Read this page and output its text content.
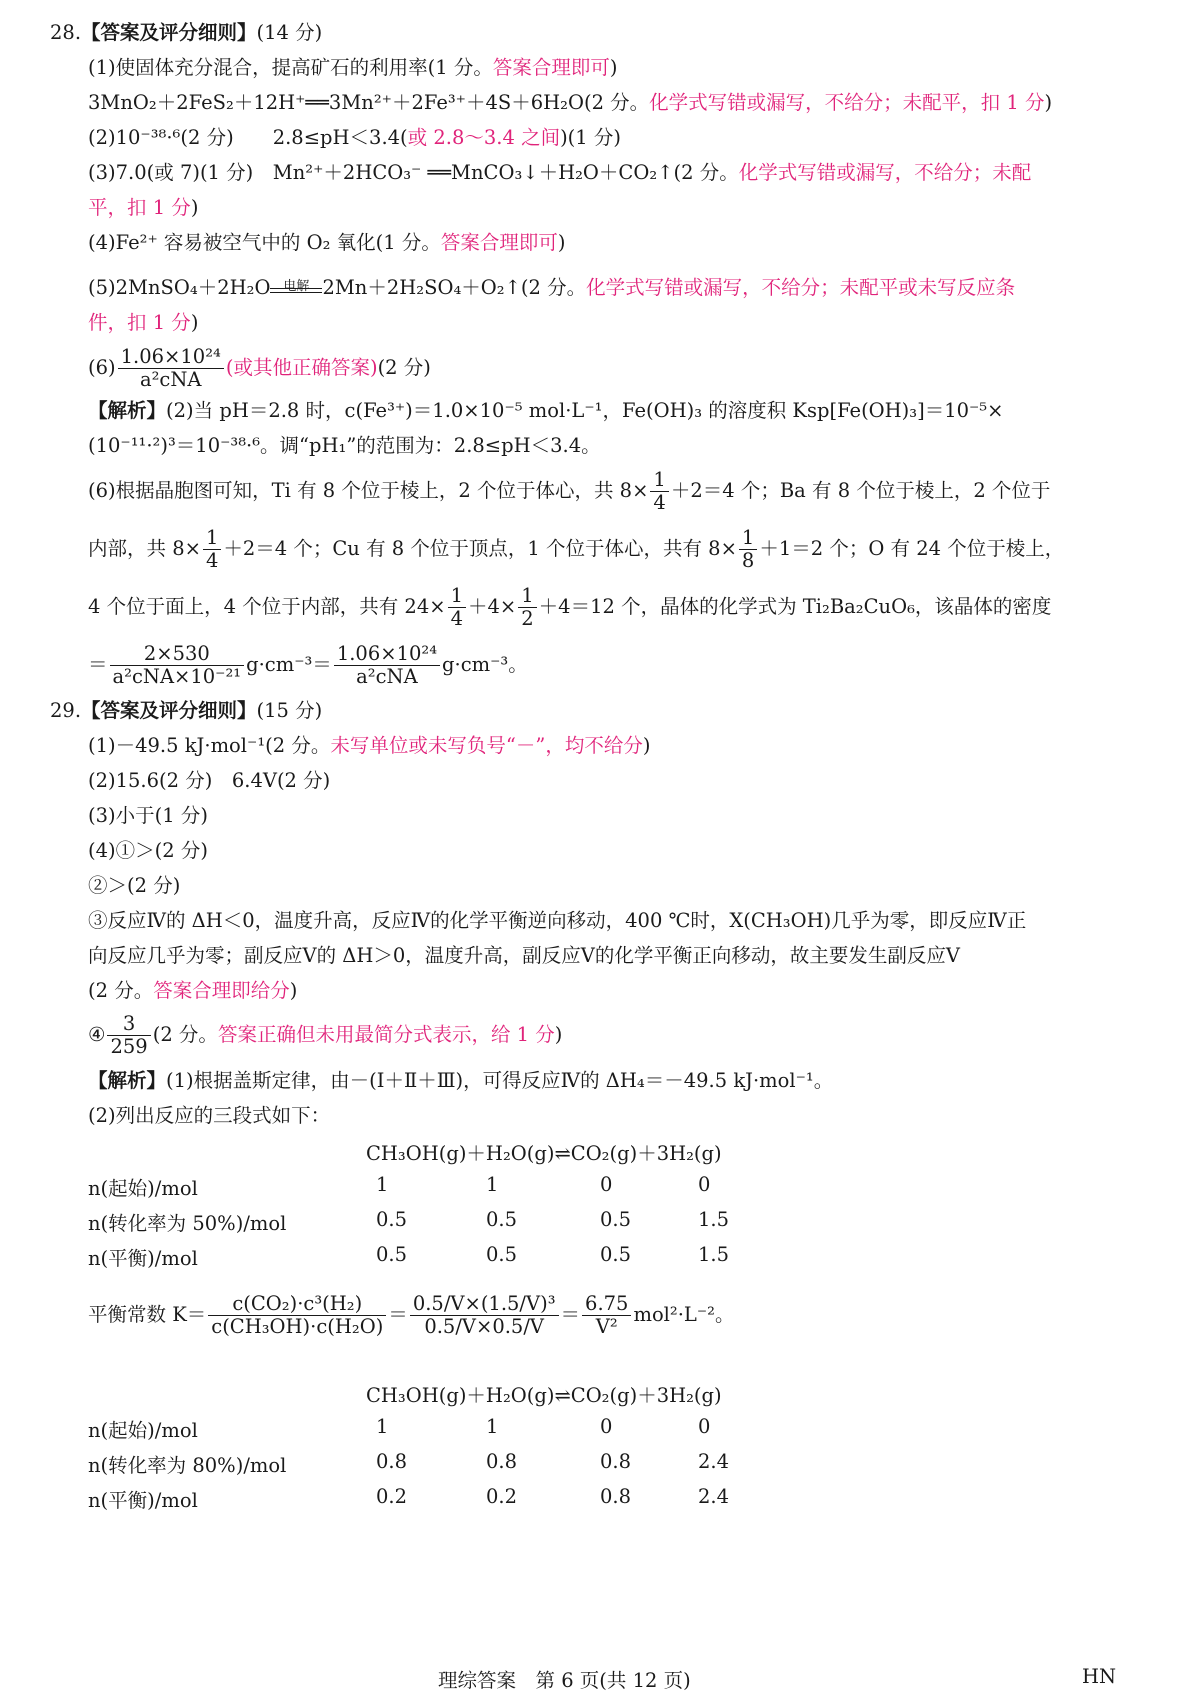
28.【答案及评分细则】(14 分)
(1)使固体充分混合，提高矿石的利用率(1 分。答案合理即可)
3MnO₂＋2FeS₂＋12H⁺══3Mn²⁺＋2Fe³⁺＋4S＋6H₂O(2 分。化学式写错或漏写，不给分；未配平，扣 1 分)
(2)10⁻³⁸·⁶(2 分)　　2.8≤pH＜3.4(或 2.8～3.4 之间)(1 分)
(3)7.0(或 7)(1 分)　Mn²⁺＋2HCO₃⁻ ══MnCO₃↓＋H₂O＋CO₂↑(2 分。化学式写错或漏写，不给分；未配
平，扣 1 分)
(4)Fe²⁺ 容易被空气中的 O₂ 氧化(1 分。答案合理即可)
(5)2MnSO₄＋2H₂O 电解 2Mn＋2H₂SO₄＋O₂↑(2 分。化学式写错或漏写，不给分；未配平或未写反应条
件，扣 1 分)
$(6) \frac{\text{1.06×10²⁴}}{\text{a²cNA}}$ (或其他正确答案)(2 分)
【解析】(2)当 pH＝2.8 时，c(Fe³⁺)＝1.0×10⁻⁵ mol·L⁻¹，Fe(OH)₃ 的溶度积 Ksp[Fe(OH)₃]＝10⁻⁵×
(10⁻¹¹·²)³＝10⁻³⁸·⁶。调“pH₁”的范围为：2.8≤pH＜3.4。
(6)根据晶胞图可知，Ti 有 8 个位于棱上，2 个位于体心，共 $8\times \frac{1}{4} +2=4$ 个；Ba 有 8 个位于棱上，2 个位于
内部，共 $8\times \frac{1}{4} +2=4$ 个；Cu 有 8 个位于顶点，1 个位于体心，共有 $8\times \frac{1}{8} +1=2$ 个；O 有 24 个位于棱上，
4 个位于面上，4 个位于内部，共有 $24\times \frac{1}{4} +4\times \frac{1}{2} +4=12$ 个，晶体的化学式为 Ti₂Ba₂CuO₆，该晶体的密度
＝ $\frac{2\times 530}{\text{a²cNA×10⁻²¹}} g\cdot cm^{-3}= \frac{\text{1.06×10²⁴}}{\text{a²cNA}} g\cdot cm^{-3}$。
29.【答案及评分细则】(15 分)
(1)－49.5 kJ·mol⁻¹(2 分。未写单位或未写负号“－”，均不给分)
(2)15.6(2 分)　6.4V(2 分)
(3)小于(1 分)
(4)①＞(2 分)
②＞(2 分)
③反应Ⅳ的 ΔH＜0，温度升高，反应Ⅳ的化学平衡逆向移动，400 ℃时，X(CH₃OH)几乎为零，即反应Ⅳ正
向反应几乎为零；副反应Ⅴ的 ΔH＞0，温度升高，副反应Ⅴ的化学平衡正向移动，故主要发生副反应Ⅴ
(2 分。答案合理即给分)
④ $\frac{3}{259} (2$ 分。答案正确但未用最简分式表示，给 1 分)
【解析】(1)根据盖斯定律，由－(Ⅰ＋Ⅱ＋Ⅲ)，可得反应Ⅳ的 ΔH₄＝－49.5 kJ·mol⁻¹。
(2)列出反应的三段式如下：
CH₃OH(g)＋H₂O(g)⇌CO₂(g)＋3H₂(g)
n(起始)/mol	1	1	0	0
n(转化率为 50%)/mol	0.5	0.5	0.5	1.5
n(平衡)/mol	0.5	0.5	0.5	1.5
平衡常数 $K= \frac{\text{c(CO₂)·c³(H₂)}}{\text{c(CH₃OH)·c(H₂O)}} = \frac{\text{0.5/V×(1.5/V)³}}{0.5/V\times 0.5/V} = \frac{6.75}{\text{V²}} mol^2\cdot L^{-2}$。
CH₃OH(g)＋H₂O(g)⇌CO₂(g)＋3H₂(g)
n(起始)/mol	1	1	0	0
n(转化率为 80%)/mol	0.8	0.8	0.8	2.4
n(平衡)/mol	0.2	0.2	0.8	2.4
理综答案　第 6 页(共 12 页)	HN
